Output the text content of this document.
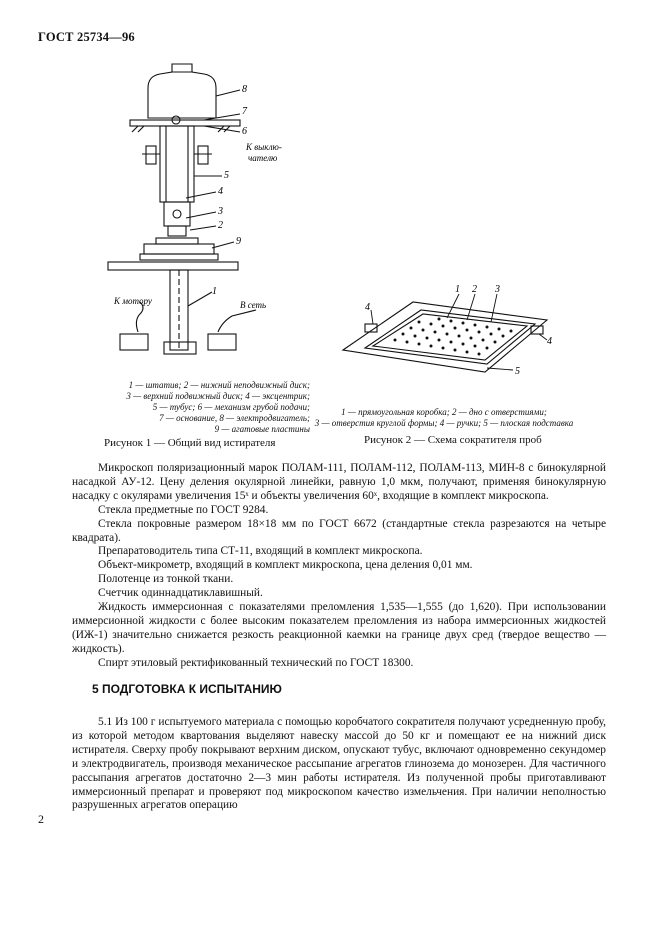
ГОСТ 25734—96
8
7
6
К выклю-
чателю
5
4
3
2
9
1
К мотору	В сеть
1 2 3
4
4
5
1 — штатив; 2 — нижний неподвижный диск;
3 — верхний подвижный диск; 4 — эксцентрик;
5 — тубус; 6 — механизм грубой подачи;
7 — основание, 8 — электродвигатель;
9 — агатовые пластины
Рисунок 1 — Общий вид истирателя
1 — прямоугольная коробка; 2 — дно с отверстиями;
3 — отверстия круглой формы; 4 — ручки; 5 — плоская подставка
Рисунок 2 — Схема сократителя проб

Микроскоп поляризационный марок ПОЛАМ-111, ПОЛАМ-112, ПОЛАМ-113, МИН-8 с бинокулярной насадкой АУ-12. Цену деления окулярной линейки, равную 1,0 мкм, получают, применяя бинокулярную насадку с окулярами увеличения 15ˣ и объекты увеличения 60ˣ, входящие в комплект микроскопа.

Стекла предметные по ГОСТ 9284.

Стекла покровные размером 18×18 мм по ГОСТ 6672 (стандартные стекла разрезаются на четыре квадрата).

Препаратоводитель типа СТ-11, входящий в комплект микроскопа.

Объект-микрометр, входящий в комплект микроскопа, цена деления 0,01 мм.

Полотенце из тонкой ткани.

Счетчик одиннадцатиклавишный.

Жидкость иммерсионная с показателями преломления 1,535—1,555 (до 1,620). При использовании иммерсионной жидкости с более высоким показателем преломления из набора иммерсионных жидкостей (ИЖ-1) значительно снижается резкость реакционной каемки на границе двух сред (твердое вещество — жидкость).

Спирт этиловый ректификованный технический по ГОСТ 18300.

5 ПОДГОТОВКА К ИСПЫТАНИЮ

5.1 Из 100 г испытуемого материала с помощью коробчатого сократителя получают усредненную пробу, из которой методом квартования выделяют навеску массой до 50 кг и помещают ее на нижний диск истирателя. Сверху пробу покрывают верхним диском, опускают тубус, включают одновременно секундомер и электродвигатель, производя механическое рассыпание агрегатов глинозема до монозерен. Для частичного рассыпания агрегатов достаточно 2—3 мин работы истирателя. Из полученной пробы приготавливают иммерсионный препарат и проверяют под микроскопом качество измельчения. При наличии неполностью разрушенных агрегатов операцию

2
